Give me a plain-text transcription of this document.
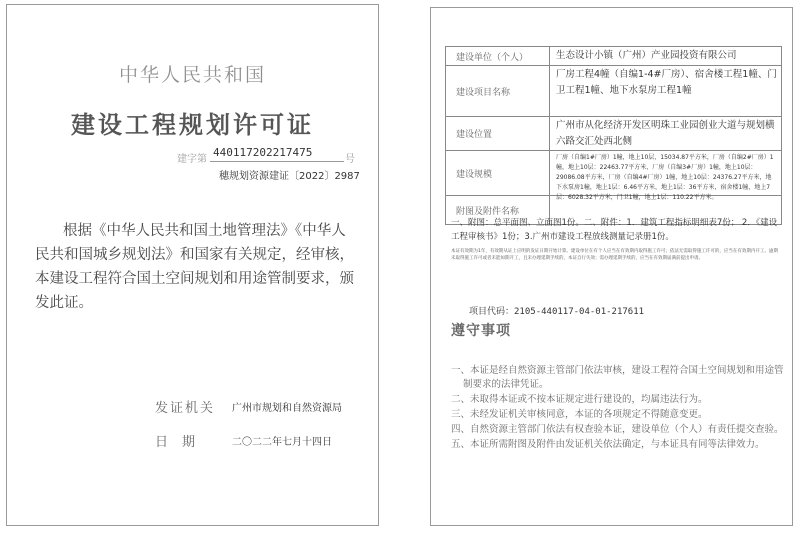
中华人民共和国
建设工程规划许可证
建字第
440117202217475
号
穗规划资源建证〔2022〕2987
根据《中华人民共和国土地管理法》《中华人民共和国城乡规划法》和国家有关规定，经审核，本建设工程符合国土空间规划和用途管制要求，颁发此证。
发证机关 广州市规划和自然资源局
日期 二〇二二年七月十四日
建设单位（个人）	生态设计小镇（广州）产业园投资有限公司
建设项目名称
厂房工程4幢（自编1-4#厂房）、宿舍楼工程1幢、门卫工程1幢、地下水泵房工程1幢
建设位置
广州市从化经济开发区明珠工业园创业大道与规划横六路交汇处西北侧
建设规模
厂房（自编1#厂房）1幢，地上10层，15034.87平方米，厂房（自编2#厂房）1幢，地上10层：22463.77平方米，厂房（自编3#厂房）1幢，地上10层：29086.08平方米，厂房（自编4#厂房）1幢，地上10层：24376.27平方米，地下水泵房1幢，地上1层：6.46平方米，地上1层：36平方米，宿舍楼1幢，地上7层：6028.32平方米，门卫1幢，地上1层：110.22平方米。
附图及附件名称
一、附图：总平面图、立面图1份。二、附件：1．建筑工程指标明细表7份； 2．《建设工程审核书》1份；3.广州市建设工程放线测量记录册1份。
本证有效期为1年，有效期从证上应明的发证日期开始计算。建设单位在有个人应当在有效期内取得施工许可；依法无需取得施工许可的，应当在有效期内开工。逾期未取得施工许可或者未能如期开工，且未办理延期手续的，本证自行失效；需办理延期手续的，应当在有效期届满前提出申请。
项目代码：2105-440117-04-01-217611
遵守事项
一、本证是经自然资源主管部门依法审核，建设工程符合国土空间规划和用途管制要求的法律凭证。
二、未取得本证或不按本证规定进行建设的，均属违法行为。
三、未经发证机关审核同意，本证的各项规定不得随意变更。
四、自然资源主管部门依法有权查验本证，建设单位（个人）有责任提交查验。
五、本证所需附图及附件由发证机关依法确定，与本证具有同等法律效力。
